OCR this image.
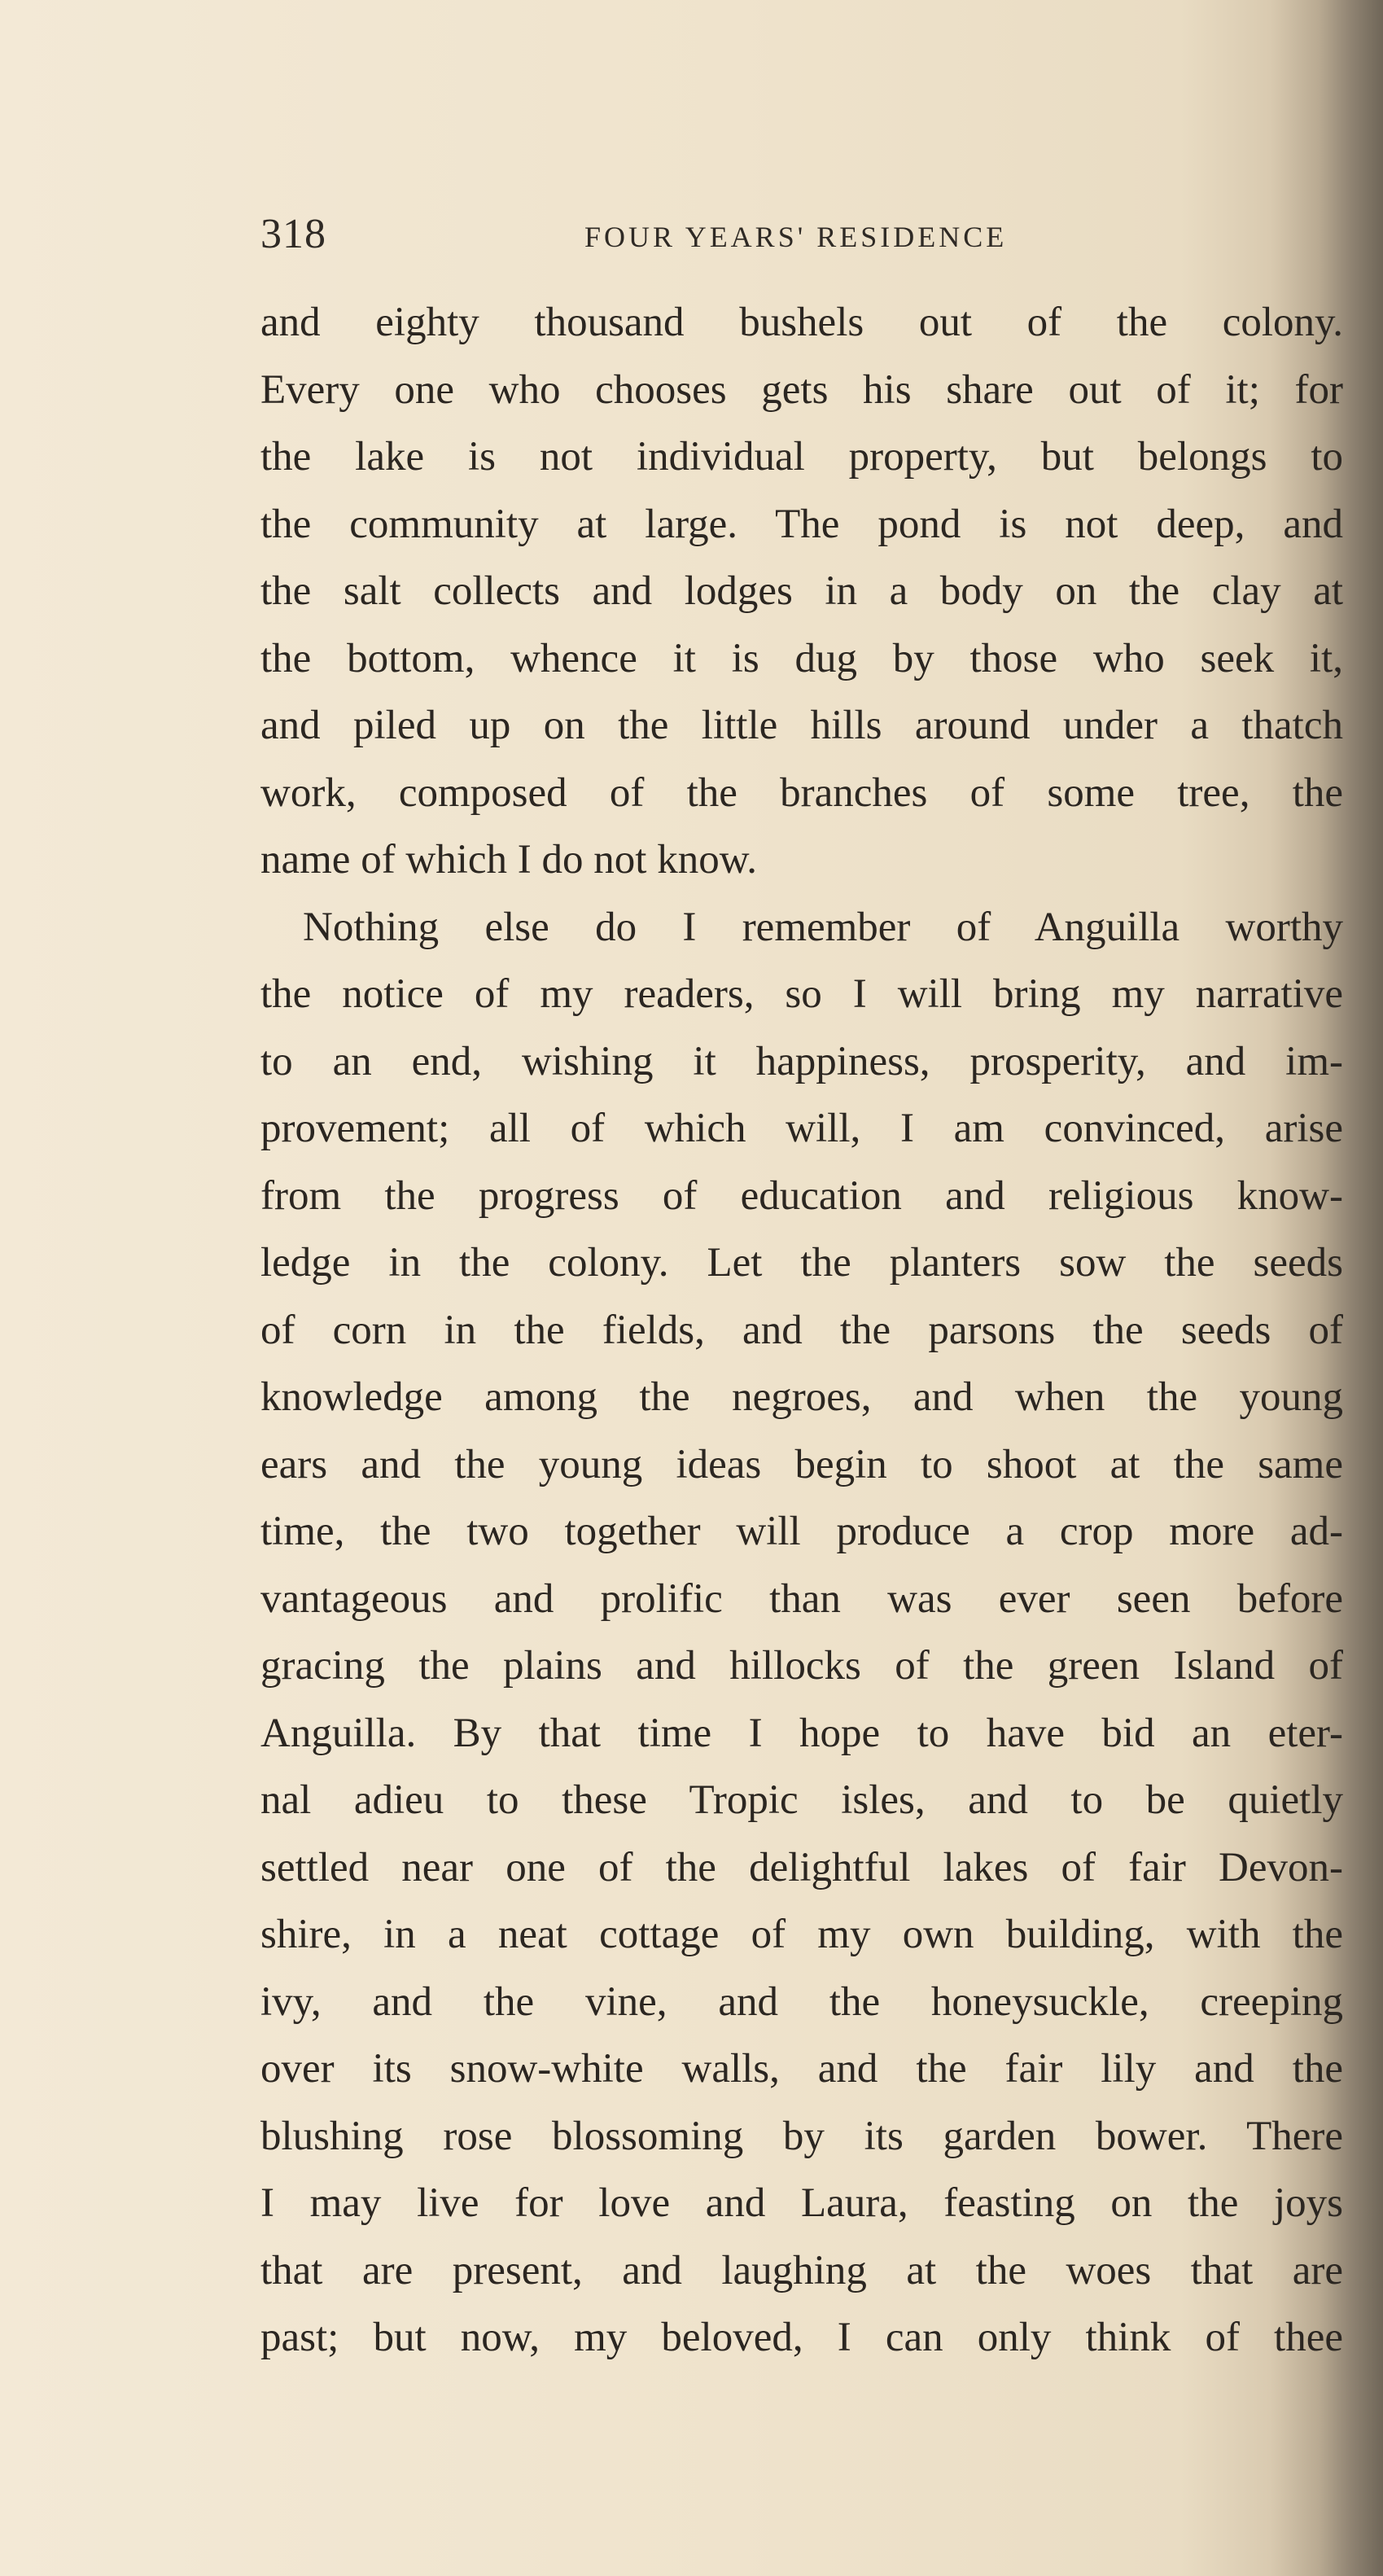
318	FOUR YEARS' RESIDENCE
and eighty thousand bushels out of the colony.
Every one who chooses gets his share out of it; for
the lake is not individual property, but belongs to
the community at large. The pond is not deep, and
the salt collects and lodges in a body on the clay at
the bottom, whence it is dug by those who seek it,
and piled up on the little hills around under a thatch
work, composed of the branches of some tree, the
name of which I do not know.
Nothing else do I remember of Anguilla worthy
the notice of my readers, so I will bring my narrative
to an end, wishing it happiness, prosperity, and im-
provement; all of which will, I am convinced, arise
from the progress of education and religious know-
ledge in the colony. Let the planters sow the seeds
of corn in the fields, and the parsons the seeds of
knowledge among the negroes, and when the young
ears and the young ideas begin to shoot at the same
time, the two together will produce a crop more ad-
vantageous and prolific than was ever seen before
gracing the plains and hillocks of the green Island of
Anguilla. By that time I hope to have bid an eter-
nal adieu to these Tropic isles, and to be quietly
settled near one of the delightful lakes of fair Devon-
shire, in a neat cottage of my own building, with the
ivy, and the vine, and the honeysuckle, creeping
over its snow-white walls, and the fair lily and the
blushing rose blossoming by its garden bower. There
I may live for love and Laura, feasting on the joys
that are present, and laughing at the woes that are
past; but now, my beloved, I can only think of thee
